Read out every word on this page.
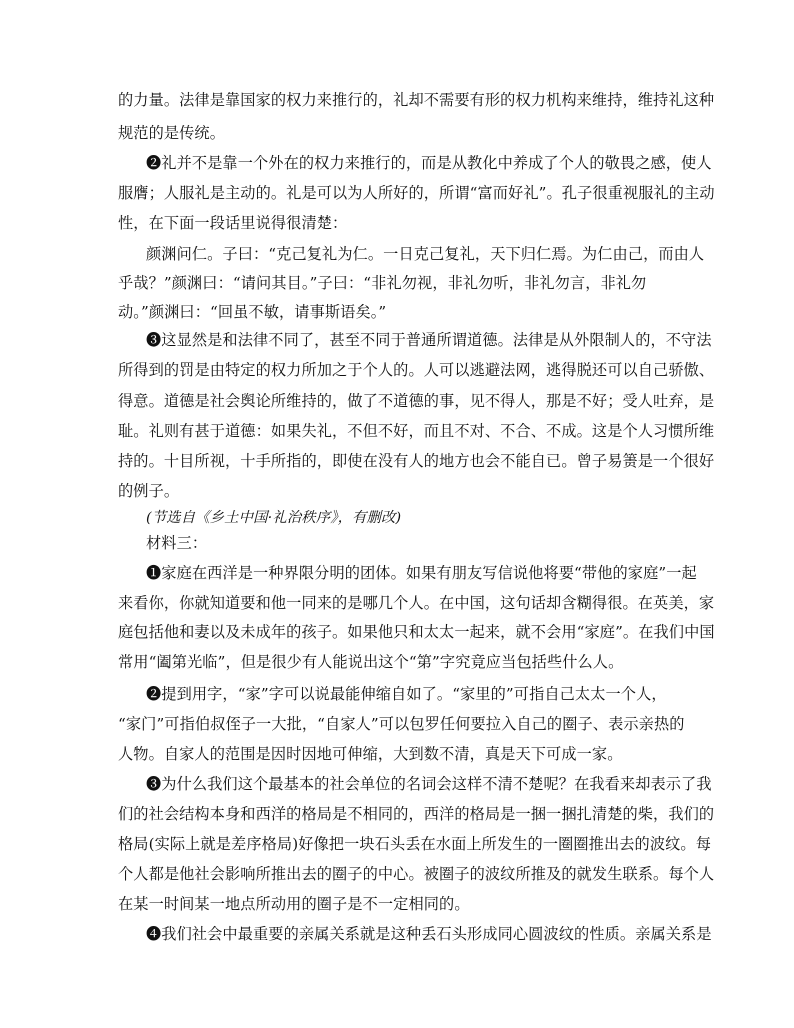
的力量。法律是靠国家的权力来推行的，礼却不需要有形的权力机构来维持，维持礼这种
规范的是传统。
❷礼并不是靠一个外在的权力来推行的，而是从教化中养成了个人的敬畏之感，使人
服膺；人服礼是主动的。礼是可以为人所好的，所谓“富而好礼”。孔子很重视服礼的主动
性，在下面一段话里说得很清楚：
颜渊问仁。子曰：“克己复礼为仁。一日克己复礼，天下归仁焉。为仁由己，而由人
乎哉？”颜渊曰：“请问其目。”子曰：“非礼勿视，非礼勿听，非礼勿言，非礼勿
动。”颜渊曰：“回虽不敏，请事斯语矣。”
❸这显然是和法律不同了，甚至不同于普通所谓道德。法律是从外限制人的，不守法
所得到的罚是由特定的权力所加之于个人的。人可以逃避法网，逃得脱还可以自己骄傲、
得意。道德是社会舆论所维持的，做了不道德的事，见不得人，那是不好；受人吐弃，是
耻。礼则有甚于道德：如果失礼，不但不好，而且不对、不合、不成。这是个人习惯所维
持的。十目所视，十手所指的，即使在没有人的地方也会不能自已。曾子易箦是一个很好
的例子。
(节选自《乡土中国·礼治秩序》，有删改)
材料三：
❶家庭在西洋是一种界限分明的团体。如果有朋友写信说他将要“带他的家庭”一起
来看你，你就知道要和他一同来的是哪几个人。在中国，这句话却含糊得很。在英美，家
庭包括他和妻以及未成年的孩子。如果他只和太太一起来，就不会用“家庭”。在我们中国
常用“阖第光临”，但是很少有人能说出这个“第”字究竟应当包括些什么人。
❷提到用字，“家”字可以说最能伸缩自如了。“家里的”可指自己太太一个人，
“家门”可指伯叔侄子一大批，“自家人”可以包罗任何要拉入自己的圈子、表示亲热的
人物。自家人的范围是因时因地可伸缩，大到数不清，真是天下可成一家。
❸为什么我们这个最基本的社会单位的名词会这样不清不楚呢？在我看来却表示了我
们的社会结构本身和西洋的格局是不相同的，西洋的格局是一捆一捆扎清楚的柴，我们的
格局(实际上就是差序格局)好像把一块石头丢在水面上所发生的一圈圈推出去的波纹。每
个人都是他社会影响所推出去的圈子的中心。被圈子的波纹所推及的就发生联系。每个人
在某一时间某一地点所动用的圈子是不一定相同的。
❹我们社会中最重要的亲属关系就是这种丢石头形成同心圆波纹的性质。亲属关系是
